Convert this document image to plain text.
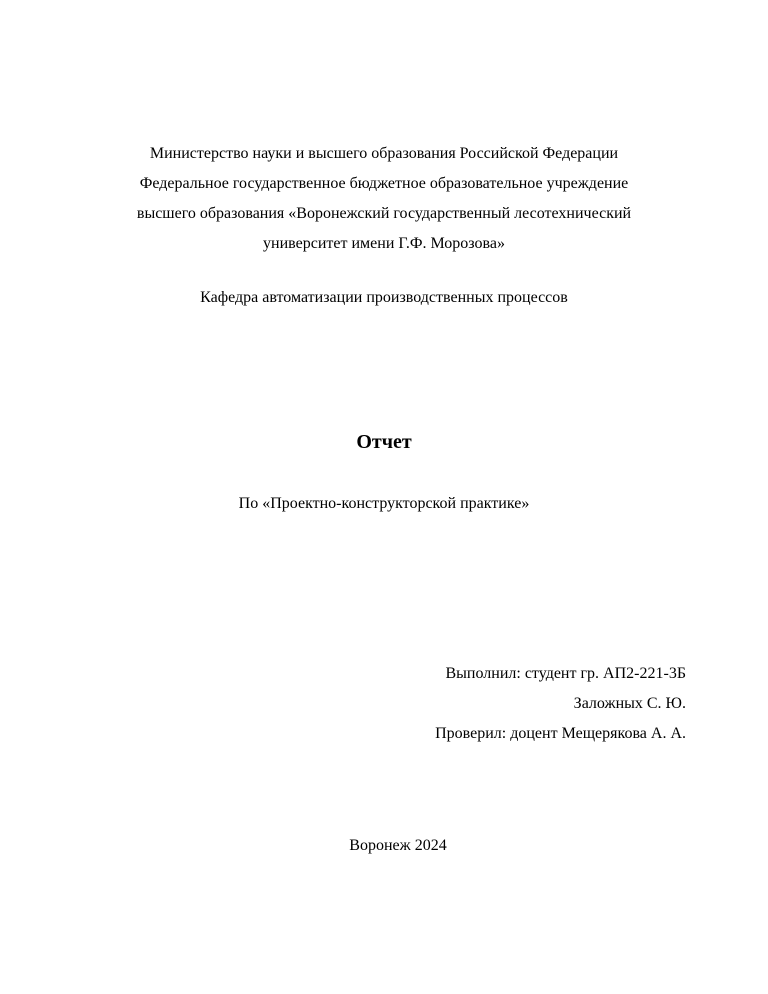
Министерство науки и высшего образования Российской Федерации
Федеральное государственное бюджетное образовательное учреждение
высшего образования «Воронежский государственный лесотехнический
университет имени Г.Ф. Морозова»
Кафедра автоматизации производственных процессов
Отчет
По «Проектно-конструкторской практике»
Выполнил: студент гр. АП2-221-3Б
Заложных С. Ю.
Проверил: доцент Мещерякова А. А.
Воронеж 2024
